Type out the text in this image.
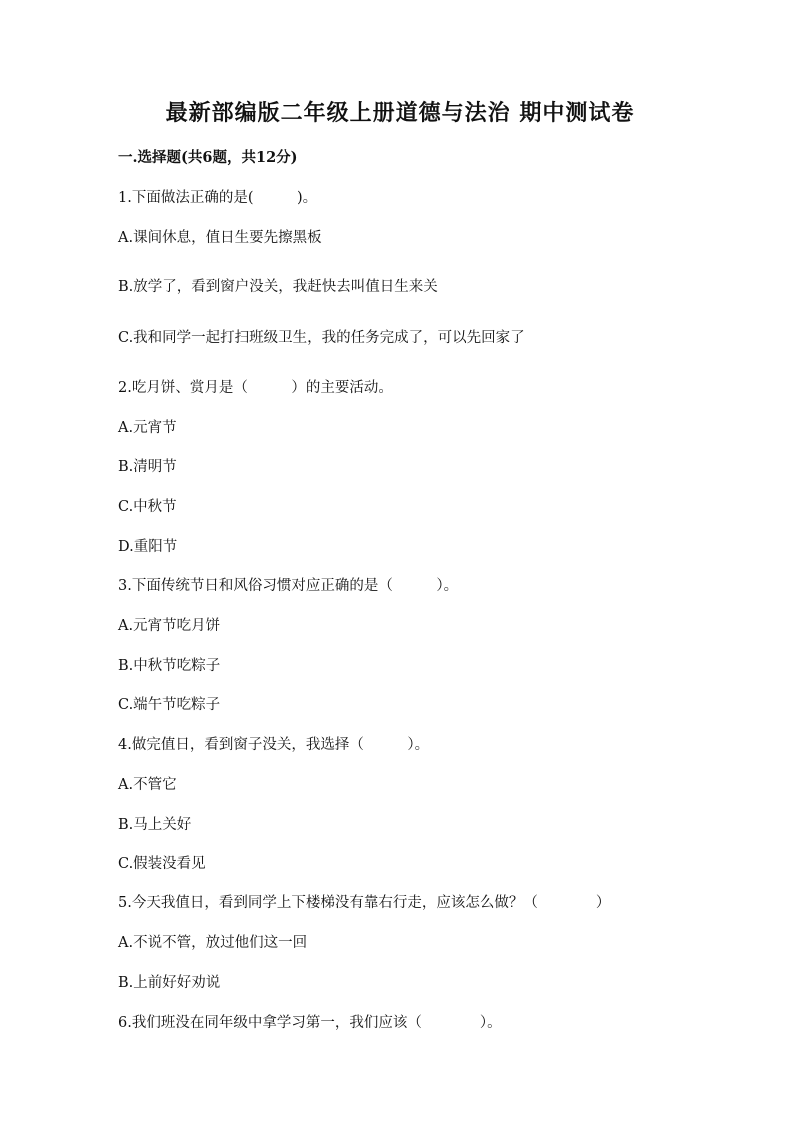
最新部编版二年级上册道德与法治 期中测试卷
一.选择题(共6题，共12分)
1.下面做法正确的是(　　　)。
A.课间休息，值日生要先擦黑板
B.放学了，看到窗户没关，我赶快去叫值日生来关
C.我和同学一起打扫班级卫生，我的任务完成了，可以先回家了
2.吃月饼、赏月是（　　　）的主要活动。
A.元宵节
B.清明节
C.中秋节
D.重阳节
3.下面传统节日和风俗习惯对应正确的是（　　　）。
A.元宵节吃月饼
B.中秋节吃粽子
C.端午节吃粽子
4.做完值日，看到窗子没关，我选择（　　　）。
A.不管它
B.马上关好
C.假装没看见
5.今天我值日，看到同学上下楼梯没有靠右行走，应该怎么做？（　　　　）
A.不说不管，放过他们这一回
B.上前好好劝说
6.我们班没在同年级中拿学习第一，我们应该（　　　　）。
